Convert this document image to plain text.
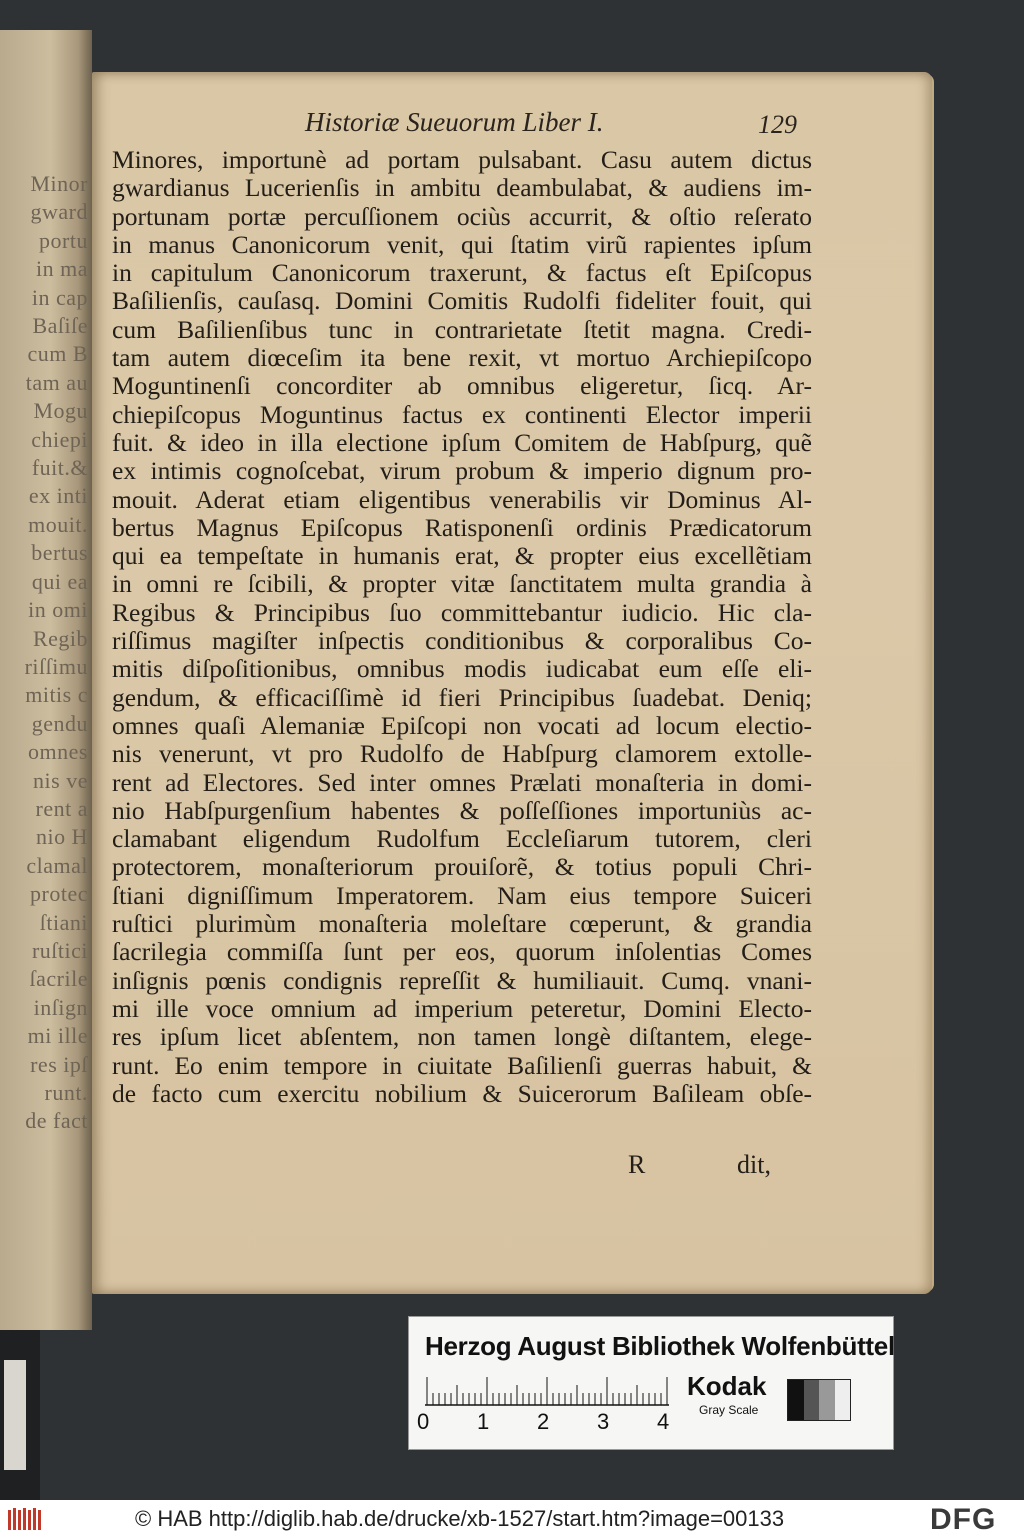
Minor
gward
portu
in ma
in cap
Baſiſe
cum B
tam au
Mogu
chiepi
fuit.&
ex inti
mouit.
bertus
qui ea
in omi
Regib
riſſimu
mitis c
gendu
omnes
nis ve
rent a
nio H
clamal
protec
ſtiani
ruſtici
ſacrile
inſign
mi ille
res ipſ
runt.
de fact
Historiæ Sueuorum Liber I.	129
Minores, importunè ad portam pulsabant. Casu autem dictus
gwardianus Lucerienſis in ambitu deambulabat, & audiens im-
portunam portæ percuſſionem ociùs accurrit, & oſtio reſerato
in manus Canonicorum venit, qui ſtatim virũ rapientes ipſum
in capitulum Canonicorum traxerunt, & factus eſt Epiſcopus
Baſilienſis, cauſasq. Domini Comitis Rudolfi fideliter fouit, qui
cum Baſilienſibus tunc in contrarietate ſtetit magna. Credi-
tam autem diœceſim ita bene rexit, vt mortuo Archiepiſcopo
Moguntinenſi concorditer ab omnibus eligeretur, ſicq. Ar-
chiepiſcopus Moguntinus factus ex continenti Elector imperii
fuit. & ideo in illa electione ipſum Comitem de Habſpurg, quẽ
ex intimis cognoſcebat, virum probum & imperio dignum pro-
mouit. Aderat etiam eligentibus venerabilis vir Dominus Al-
bertus Magnus Epiſcopus Ratisponenſi ordinis Prædicatorum
qui ea tempeſtate in humanis erat, & propter eius excellẽtiam
in omni re ſcibili, & propter vitæ ſanctitatem multa grandia à
Regibus & Principibus ſuo committebantur iudicio. Hic cla-
riſſimus magiſter inſpectis conditionibus & corporalibus Co-
mitis diſpoſitionibus, omnibus modis iudicabat eum eſſe eli-
gendum, & efficaciſſimè id fieri Principibus ſuadebat. Deniq;
omnes quaſi Alemaniæ Epiſcopi non vocati ad locum electio-
nis venerunt, vt pro Rudolfo de Habſpurg clamorem extolle-
rent ad Electores. Sed inter omnes Prælati monaſteria in domi-
nio Habſpurgenſium habentes & poſſeſſiones importuniùs ac-
clamabant eligendum Rudolfum Eccleſiarum tutorem, cleri
protectorem, monaſteriorum prouiſorẽ, & totius populi Chri-
ſtiani digniſſimum Imperatorem. Nam eius tempore Suiceri
ruſtici plurimùm monaſteria moleſtare cœperunt, & grandia
ſacrilegia commiſſa ſunt per eos, quorum inſolentias Comes
inſignis pœnis condignis repreſſit & humiliauit. Cumq. vnani-
mi ille voce omnium ad imperium peteretur, Domini Electo-
res ipſum licet abſentem, non tamen longè diſtantem, elege-
runt. Eo enim tempore in ciuitate Baſilienſi guerras habuit, &
de facto cum exercitu nobilium & Suicerorum Baſileam obſe-
R	dit,
Herzog August Bibliothek Wolfenbüttel
0 1 2 3 4
Kodak
Gray Scale
© HAB http://diglib.hab.de/drucke/xb-1527/start.htm?image=00133	DFG
